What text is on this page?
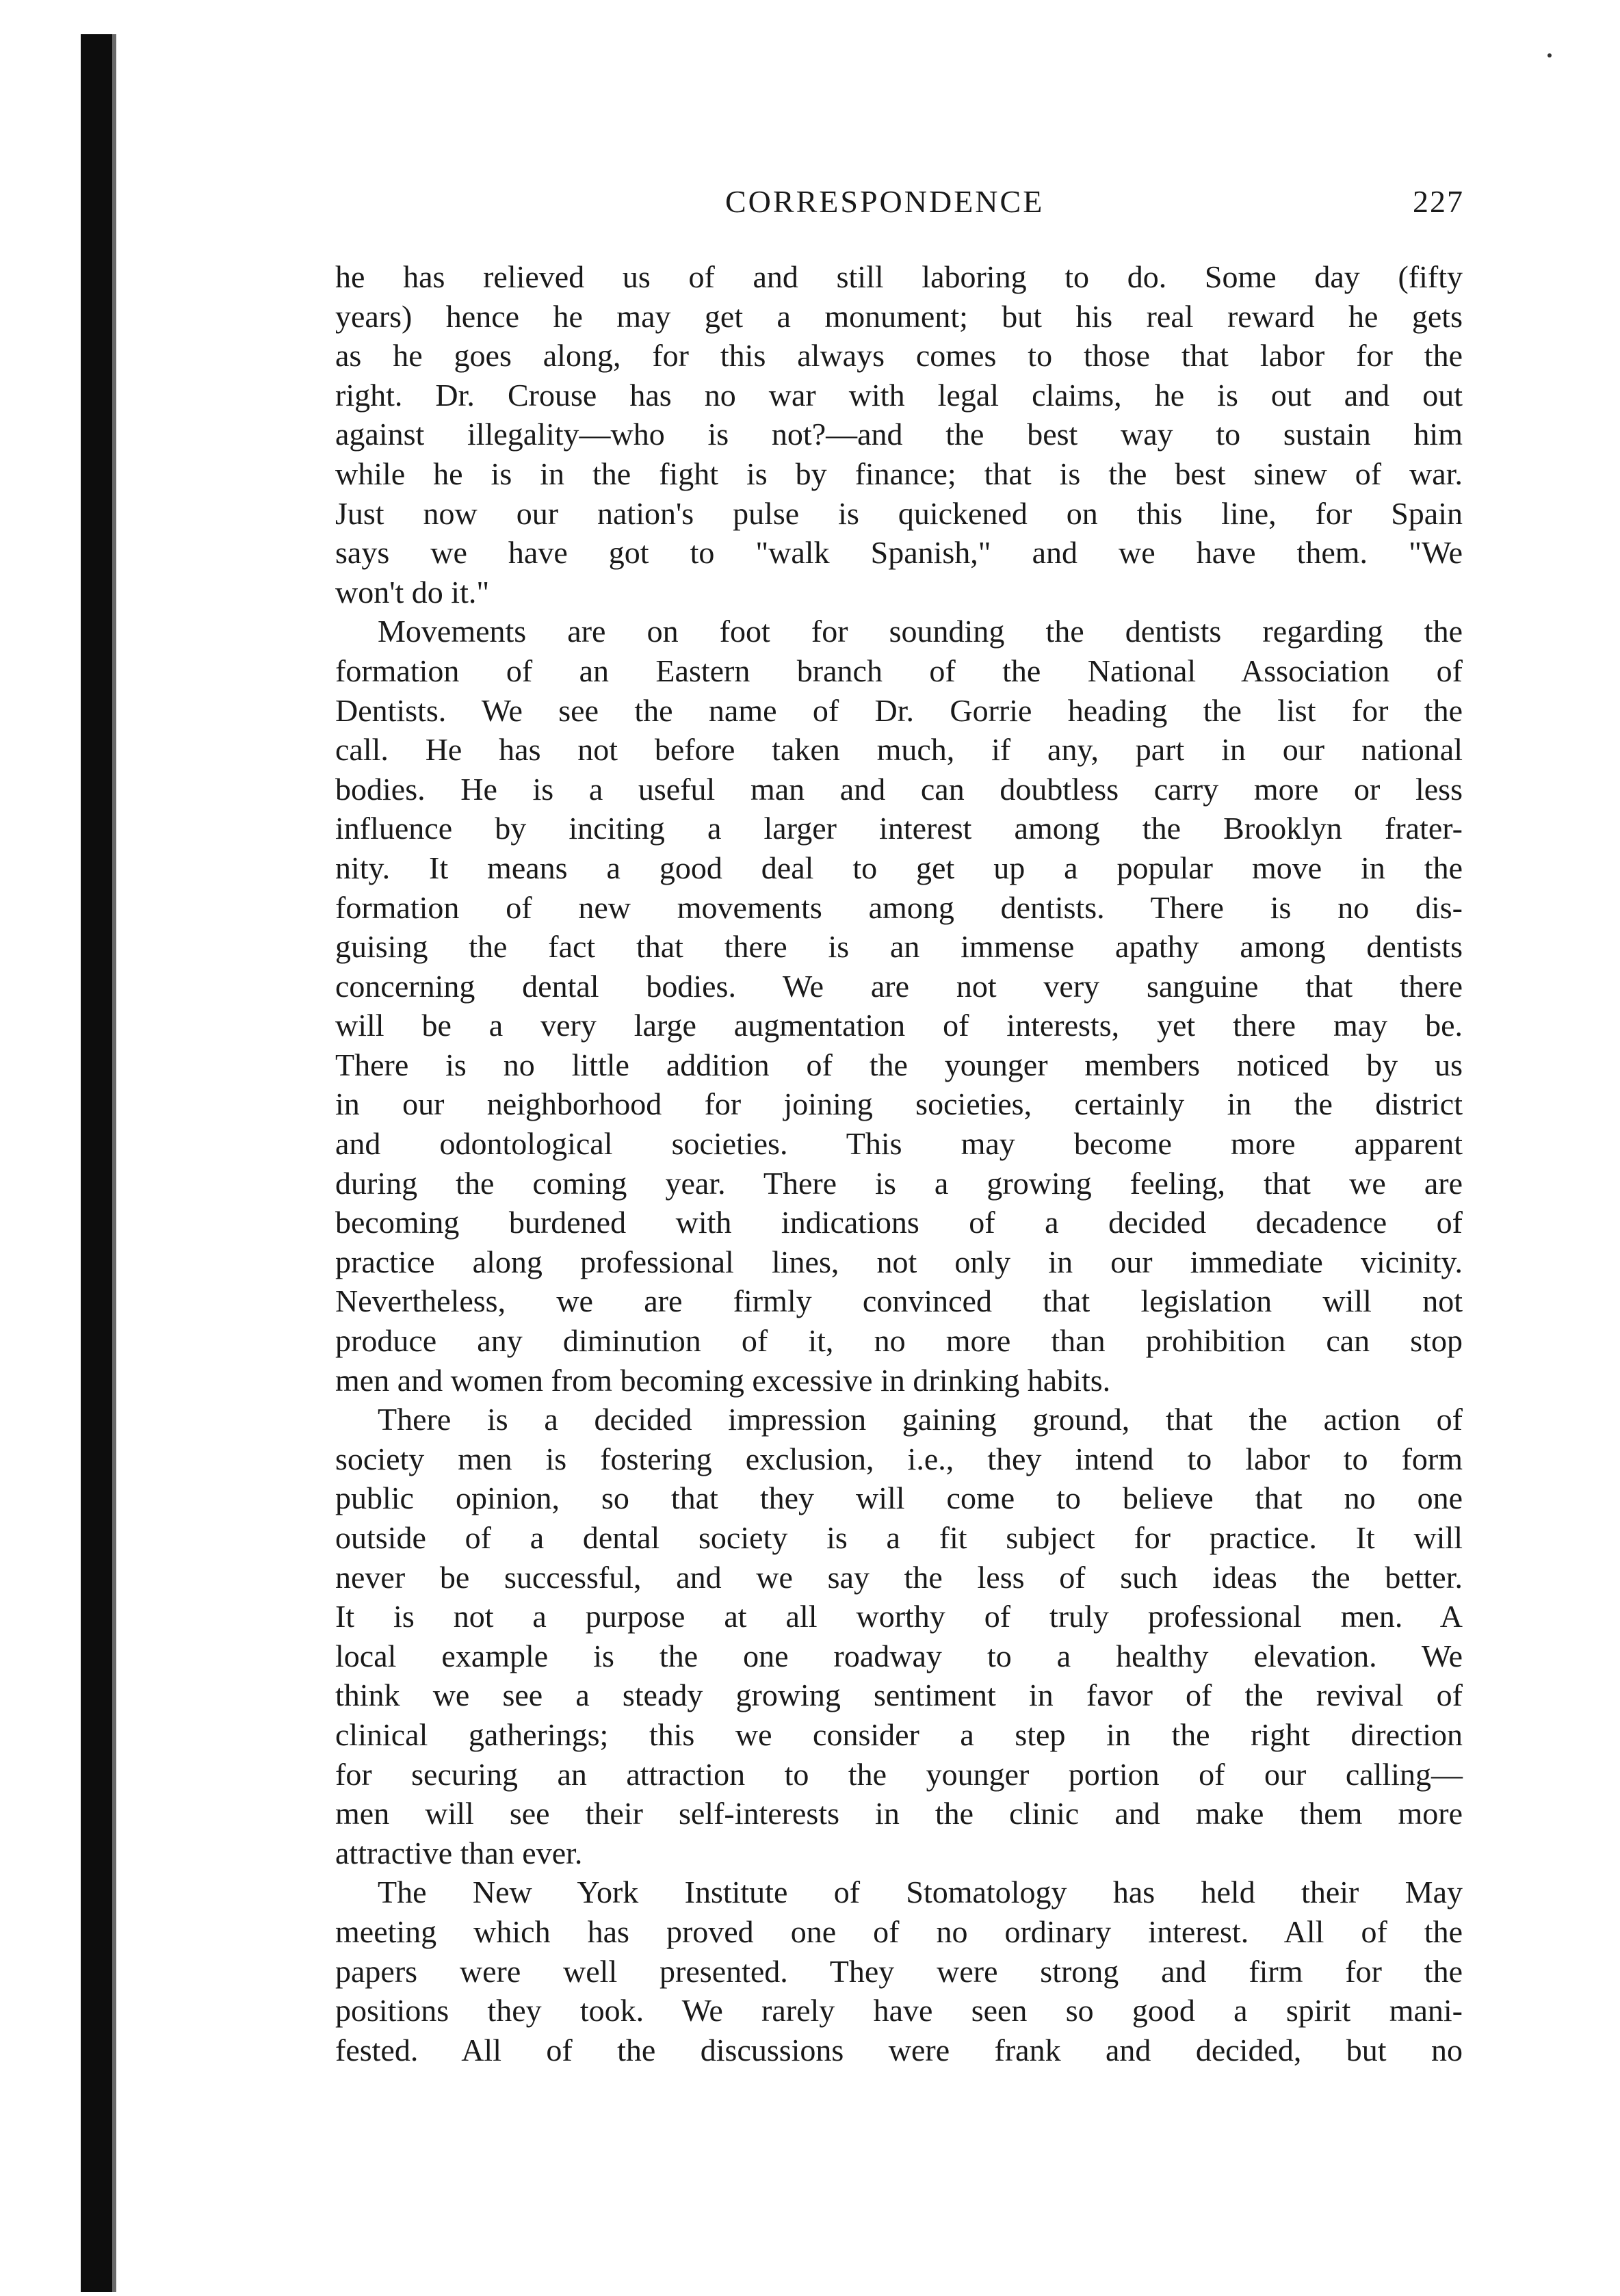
CORRESPONDENCE	227

he has relieved us of and still laboring to do. Some day (fifty

years) hence he may get a monument; but his real reward he gets

as he goes along, for this always comes to those that labor for the

right. Dr. Crouse has no war with legal claims, he is out and out

against illegality—who is not?—and the best way to sustain him

while he is in the fight is by finance; that is the best sinew of war.

Just now our nation's pulse is quickened on this line, for Spain

says we have got to "walk Spanish," and we have them. "We

won't do it."

Movements are on foot for sounding the dentists regarding the

formation of an Eastern branch of the National Association of

Dentists. We see the name of Dr. Gorrie heading the list for the

call. He has not before taken much, if any, part in our national

bodies. He is a useful man and can doubtless carry more or less

influence by inciting a larger interest among the Brooklyn frater-

nity. It means a good deal to get up a popular move in the

formation of new movements among dentists. There is no dis-

guising the fact that there is an immense apathy among dentists

concerning dental bodies. We are not very sanguine that there

will be a very large augmentation of interests, yet there may be.

There is no little addition of the younger members noticed by us

in our neighborhood for joining societies, certainly in the district

and odontological societies. This may become more apparent

during the coming year. There is a growing feeling, that we are

becoming burdened with indications of a decided decadence of

practice along professional lines, not only in our immediate vicinity.

Nevertheless, we are firmly convinced that legislation will not

produce any diminution of it, no more than prohibition can stop

men and women from becoming excessive in drinking habits.

There is a decided impression gaining ground, that the action of

society men is fostering exclusion, i.e., they intend to labor to form

public opinion, so that they will come to believe that no one

outside of a dental society is a fit subject for practice. It will

never be successful, and we say the less of such ideas the better.

It is not a purpose at all worthy of truly professional men. A

local example is the one roadway to a healthy elevation. We

think we see a steady growing sentiment in favor of the revival of

clinical gatherings; this we consider a step in the right direction

for securing an attraction to the younger portion of our calling—

men will see their self-interests in the clinic and make them more

attractive than ever.

The New York Institute of Stomatology has held their May

meeting which has proved one of no ordinary interest. All of the

papers were well presented. They were strong and firm for the

positions they took. We rarely have seen so good a spirit mani-

fested. All of the discussions were frank and decided, but no
